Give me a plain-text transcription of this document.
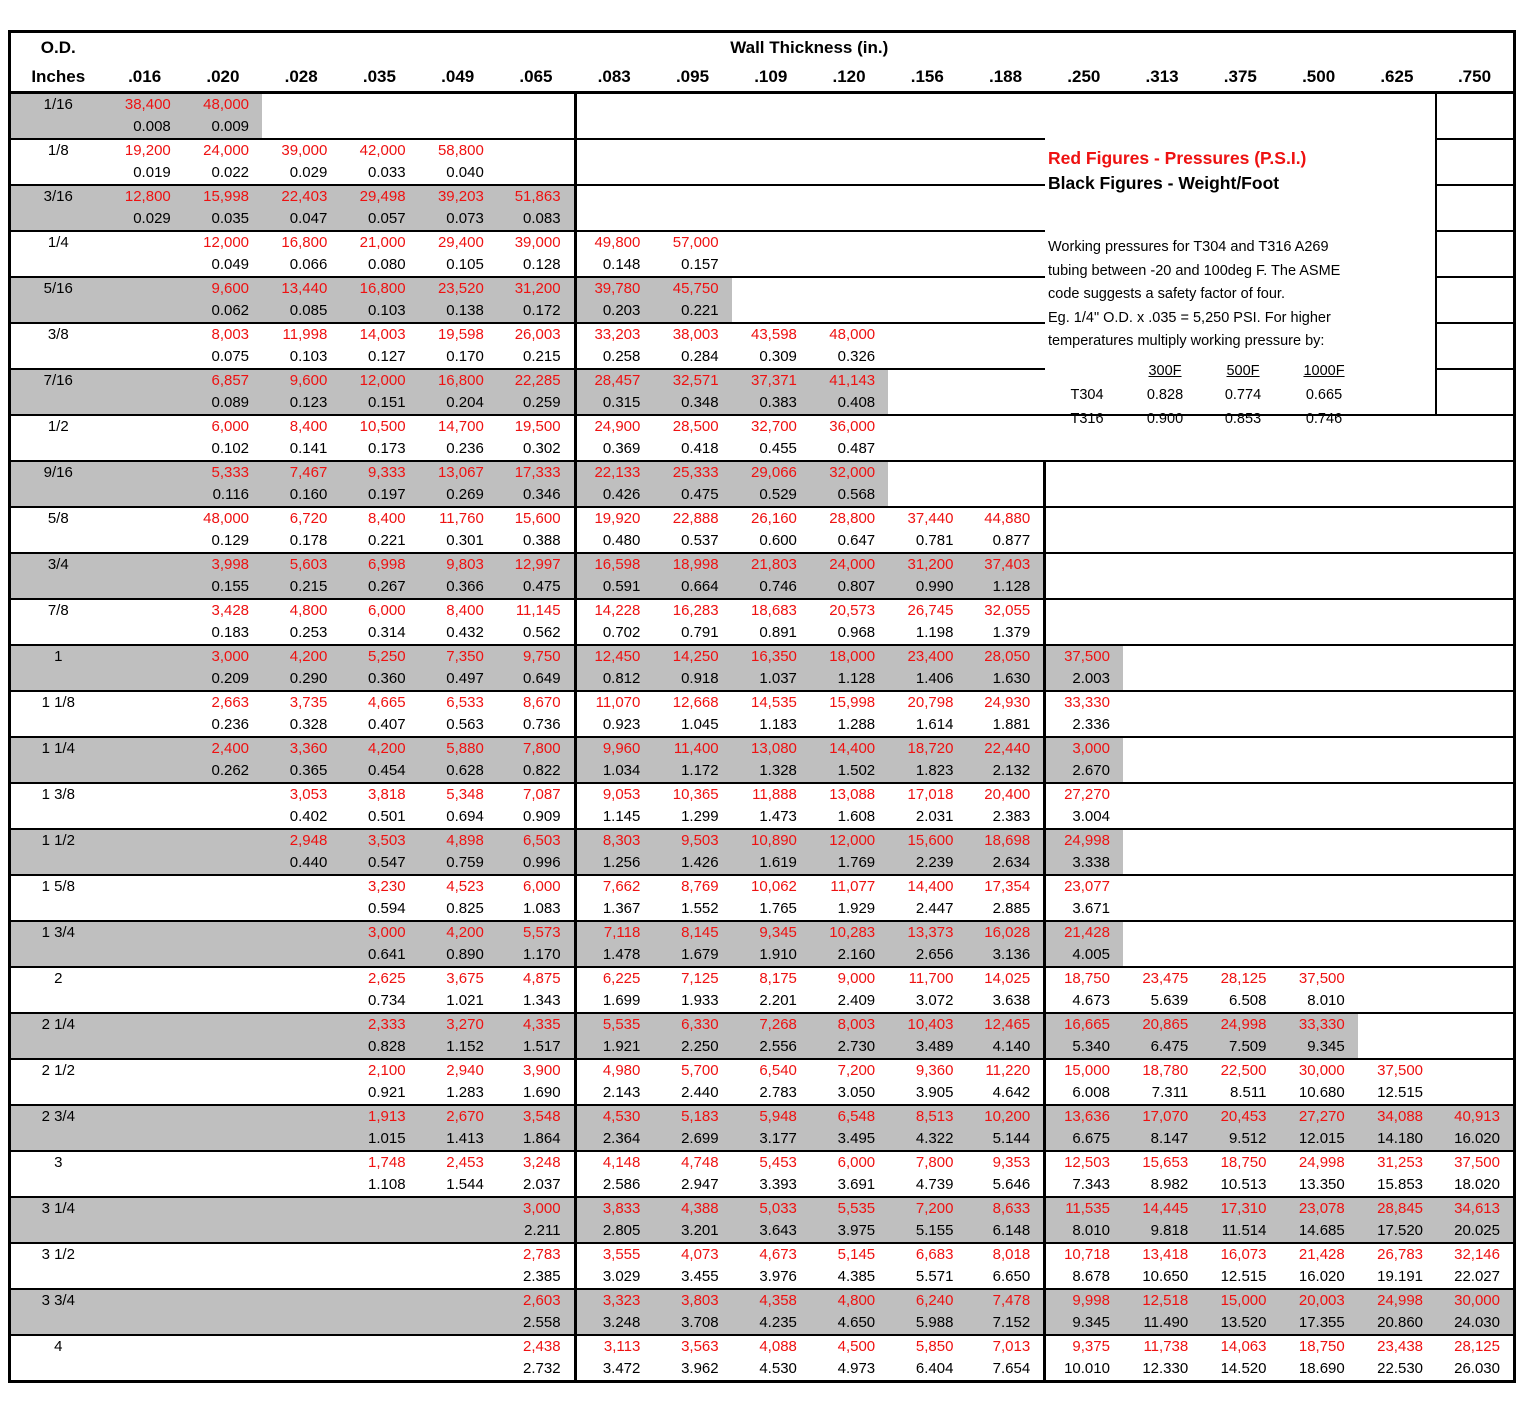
O.D.	Wall Thickness (in.)																	
Inches	.016	.020	.028	.035	.049	.065	.083	.095	.109	.120	.156	.188	.250	.313	.375	.500	.625	.750
1/16	38,400	48,000																
	0.008	0.009																
1/8	19,200	24,000	39,000	42,000	58,800													
	0.019	0.022	0.029	0.033	0.040													
3/16	12,800	15,998	22,403	29,498	39,203	51,863												
	0.029	0.035	0.047	0.057	0.073	0.083												
1/4		12,000	16,800	21,000	29,400	39,000	49,800	57,000										
		0.049	0.066	0.080	0.105	0.128	0.148	0.157										
5/16		9,600	13,440	16,800	23,520	31,200	39,780	45,750										
		0.062	0.085	0.103	0.138	0.172	0.203	0.221										
3/8		8,003	11,998	14,003	19,598	26,003	33,203	38,003	43,598	48,000								
		0.075	0.103	0.127	0.170	0.215	0.258	0.284	0.309	0.326								
7/16		6,857	9,600	12,000	16,800	22,285	28,457	32,571	37,371	41,143								
		0.089	0.123	0.151	0.204	0.259	0.315	0.348	0.383	0.408								
1/2		6,000	8,400	10,500	14,700	19,500	24,900	28,500	32,700	36,000								
		0.102	0.141	0.173	0.236	0.302	0.369	0.418	0.455	0.487								
9/16		5,333	7,467	9,333	13,067	17,333	22,133	25,333	29,066	32,000								
		0.116	0.160	0.197	0.269	0.346	0.426	0.475	0.529	0.568								
5/8		48,000	6,720	8,400	11,760	15,600	19,920	22,888	26,160	28,800	37,440	44,880						
		0.129	0.178	0.221	0.301	0.388	0.480	0.537	0.600	0.647	0.781	0.877						
3/4		3,998	5,603	6,998	9,803	12,997	16,598	18,998	21,803	24,000	31,200	37,403						
		0.155	0.215	0.267	0.366	0.475	0.591	0.664	0.746	0.807	0.990	1.128						
7/8		3,428	4,800	6,000	8,400	11,145	14,228	16,283	18,683	20,573	26,745	32,055						
		0.183	0.253	0.314	0.432	0.562	0.702	0.791	0.891	0.968	1.198	1.379						
1		3,000	4,200	5,250	7,350	9,750	12,450	14,250	16,350	18,000	23,400	28,050	37,500					
		0.209	0.290	0.360	0.497	0.649	0.812	0.918	1.037	1.128	1.406	1.630	2.003					
1 1/8		2,663	3,735	4,665	6,533	8,670	11,070	12,668	14,535	15,998	20,798	24,930	33,330					
		0.236	0.328	0.407	0.563	0.736	0.923	1.045	1.183	1.288	1.614	1.881	2.336					
1 1/4		2,400	3,360	4,200	5,880	7,800	9,960	11,400	13,080	14,400	18,720	22,440	3,000					
		0.262	0.365	0.454	0.628	0.822	1.034	1.172	1.328	1.502	1.823	2.132	2.670					
1 3/8			3,053	3,818	5,348	7,087	9,053	10,365	11,888	13,088	17,018	20,400	27,270					
			0.402	0.501	0.694	0.909	1.145	1.299	1.473	1.608	2.031	2.383	3.004					
1 1/2			2,948	3,503	4,898	6,503	8,303	9,503	10,890	12,000	15,600	18,698	24,998					
			0.440	0.547	0.759	0.996	1.256	1.426	1.619	1.769	2.239	2.634	3.338					
1 5/8				3,230	4,523	6,000	7,662	8,769	10,062	11,077	14,400	17,354	23,077					
				0.594	0.825	1.083	1.367	1.552	1.765	1.929	2.447	2.885	3.671					
1 3/4				3,000	4,200	5,573	7,118	8,145	9,345	10,283	13,373	16,028	21,428					
				0.641	0.890	1.170	1.478	1.679	1.910	2.160	2.656	3.136	4.005					
2				2,625	3,675	4,875	6,225	7,125	8,175	9,000	11,700	14,025	18,750	23,475	28,125	37,500		
				0.734	1.021	1.343	1.699	1.933	2.201	2.409	3.072	3.638	4.673	5.639	6.508	8.010		
2 1/4				2,333	3,270	4,335	5,535	6,330	7,268	8,003	10,403	12,465	16,665	20,865	24,998	33,330		
				0.828	1.152	1.517	1.921	2.250	2.556	2.730	3.489	4.140	5.340	6.475	7.509	9.345		
2 1/2				2,100	2,940	3,900	4,980	5,700	6,540	7,200	9,360	11,220	15,000	18,780	22,500	30,000	37,500	
				0.921	1.283	1.690	2.143	2.440	2.783	3.050	3.905	4.642	6.008	7.311	8.511	10.680	12.515	
2 3/4				1,913	2,670	3,548	4,530	5,183	5,948	6,548	8,513	10,200	13,636	17,070	20,453	27,270	34,088	40,913
				1.015	1.413	1.864	2.364	2.699	3.177	3.495	4.322	5.144	6.675	8.147	9.512	12.015	14.180	16.020
3				1,748	2,453	3,248	4,148	4,748	5,453	6,000	7,800	9,353	12,503	15,653	18,750	24,998	31,253	37,500
				1.108	1.544	2.037	2.586	2.947	3.393	3.691	4.739	5.646	7.343	8.982	10.513	13.350	15.853	18.020
3 1/4						3,000	3,833	4,388	5,033	5,535	7,200	8,633	11,535	14,445	17,310	23,078	28,845	34,613
						2.211	2.805	3.201	3.643	3.975	5.155	6.148	8.010	9.818	11.514	14.685	17.520	20.025
3 1/2						2,783	3,555	4,073	4,673	5,145	6,683	8,018	10,718	13,418	16,073	21,428	26,783	32,146
						2.385	3.029	3.455	3.976	4.385	5.571	6.650	8.678	10.650	12.515	16.020	19.191	22.027
3 3/4						2,603	3,323	3,803	4,358	4,800	6,240	7,478	9,998	12,518	15,000	20,003	24,998	30,000
						2.558	3.248	3.708	4.235	4.650	5.988	7.152	9.345	11.490	13.520	17.355	20.860	24.030
4						2,438	3,113	3,563	4,088	4,500	5,850	7,013	9,375	11,738	14,063	18,750	23,438	28,125
						2.732	3.472	3.962	4.530	4.973	6.404	7.654	10.010	12.330	14.520	18.690	22.530	26.030
Red Figures - Pressures (P.S.I.)
Black Figures - Weight/Foot
Working pressures for T304 and T316 A269
tubing between -20 and 100deg F. The ASME
code suggests a safety factor of four.
Eg. 1/4" O.D. x .035 = 5,250 PSI. For higher
temperatures multiply working pressure by:
300F	500F	1000F
T304	0.828	0.774	0.665
T316	0.900	0.853	0.746
